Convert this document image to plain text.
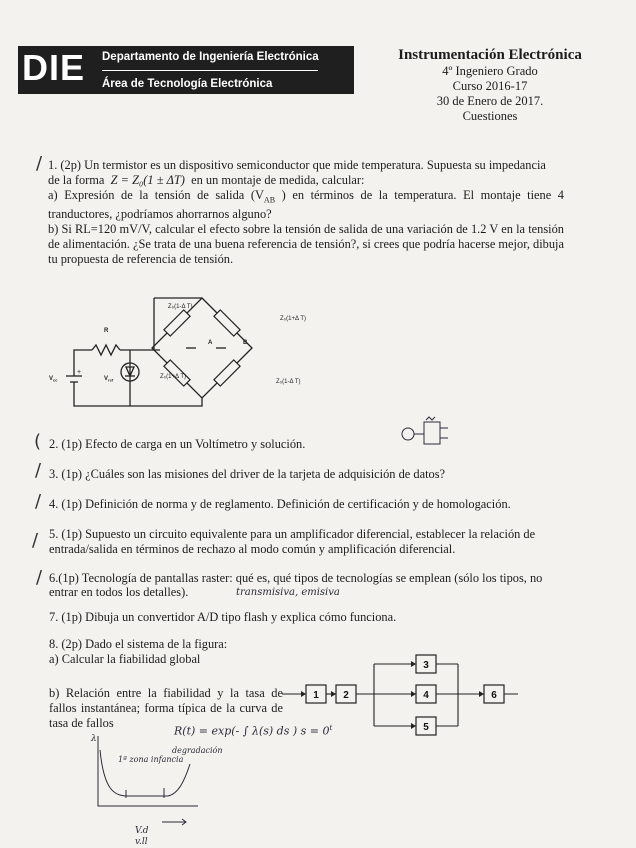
DIE Departamento de Ingeniería Electrónica
Área de Tecnología Electrónica
Instrumentación Electrónica
4º Ingeniero Grado
Curso 2016-17
30 de Enero de 2017.
Cuestiones
/ 1. (2p) Un termistor es un dispositivo semiconductor que mide temperatura. Supuesta su impedancia

de la forma Z = Z₀(1 ± ΔT) en un montaje de medida, calcular:

a) Expresión de la tensión de salida ($V_{AB}$ ) en términos de la temperatura. El montaje tiene 4 tranductores, ¿podríamos ahorrarnos alguno?

b) Si RL=120 mV/V, calcular el efecto sobre la tensión de salida de una variación de 1.2 V en la tensión de alimentación. ¿Se trata de una buena referencia de tensión?, si crees que podría hacerse mejor, dibuja tu propuesta de referencia de tensión.

Z₀(1-Δ T)
Z₀(1+Δ T)
Z₀(1+Δ T)
Z₀(1-Δ T)
A	B
R
$V_{cc}$	$V_{ref}$
+
( 2. (1p) Efecto de carga en un Voltímetro y solución.
/ 3. (1p) ¿Cuáles son las misiones del driver de la tarjeta de adquisición de datos?
/ 4. (1p) Definición de norma y de reglamento. Definición de certificación y de homologación.
/ 5. (1p) Supuesto un circuito equivalente para un amplificador diferencial, establecer la relación de
entrada/salida en términos de rechazo al modo común y amplificación diferencial.
/ 6.(1p) Tecnología de pantallas raster: qué es, qué tipos de tecnologías se emplean (sólo los tipos, no
entrar en todos los detalles).	transmisiva, emisiva
7. (1p) Dibuja un convertidor A/D tipo flash y explica cómo funciona.

8. (2p) Dado el sistema de la figura:

a) Calcular la fiabilidad global

b) Relación entre la fiabilidad y la tasa de fallos instantánea; forma típica de la curva de tasa de fallos

1 2
3
4
5
6
R(t) = exp(- ∫ λ(s) ds ) $s = 0^t$
λ
1ª zona infancia
degradación
V.d
v.ll
